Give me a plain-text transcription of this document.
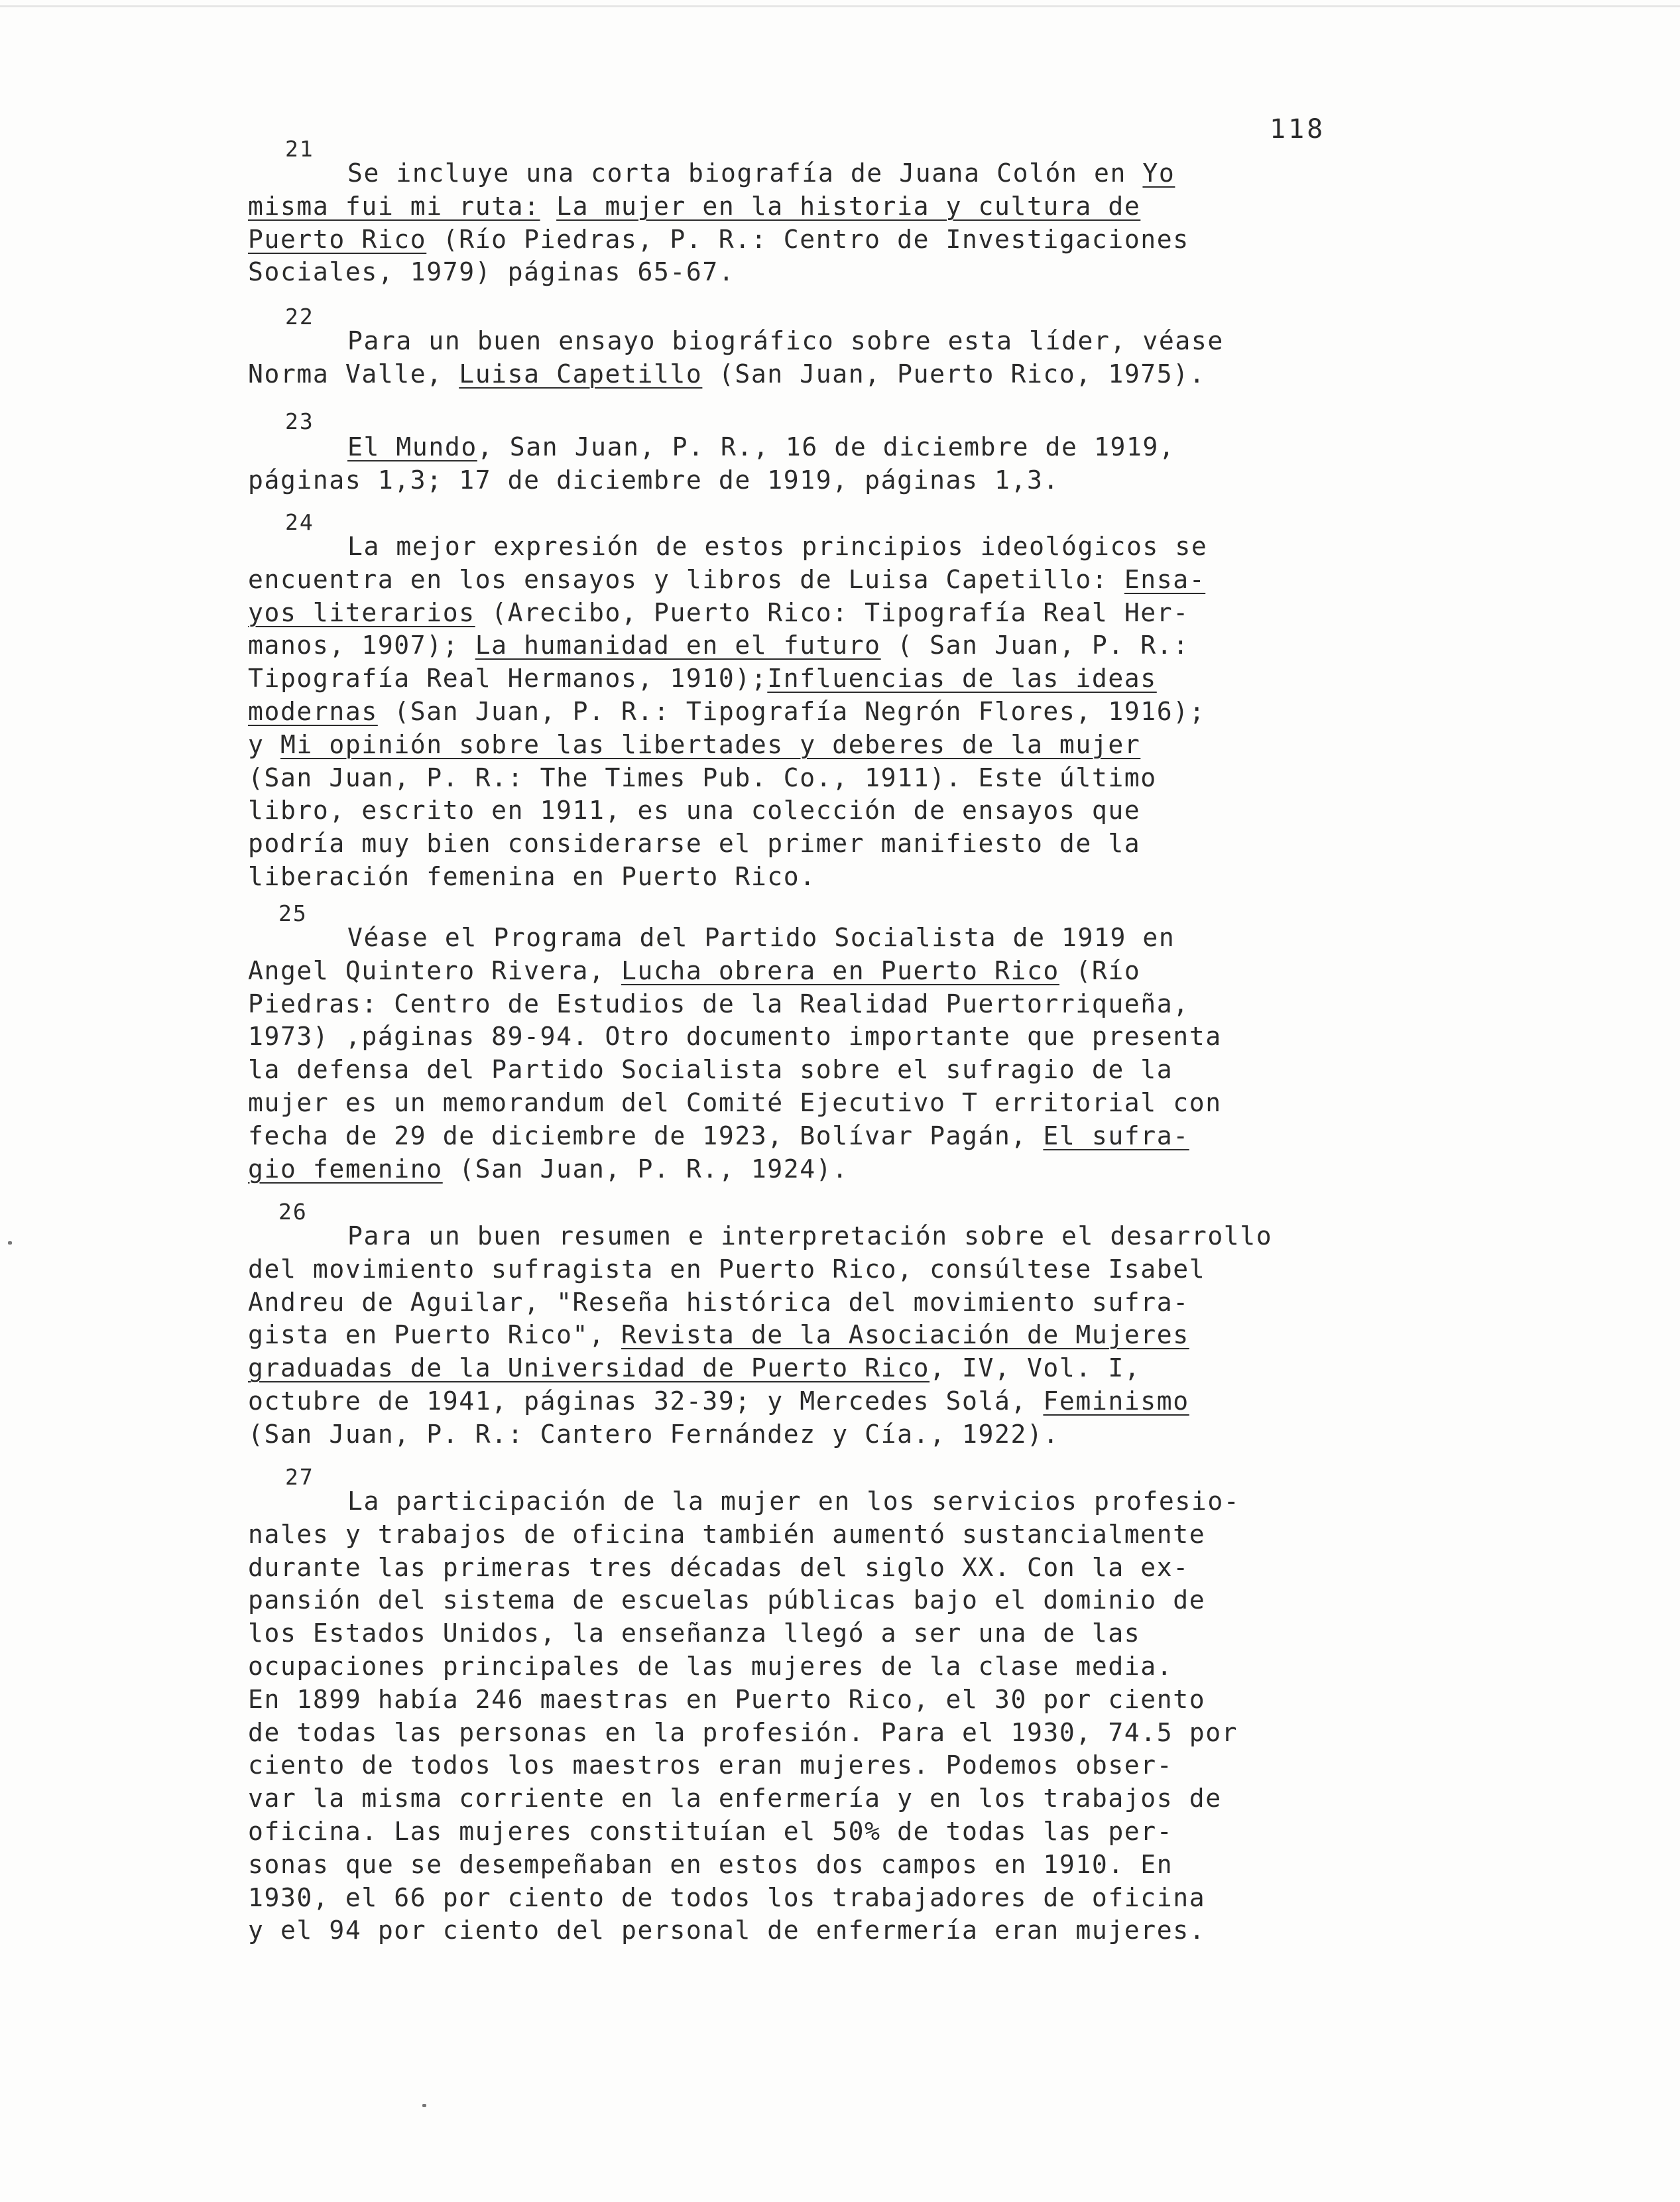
118
21
Se incluye una corta biografía de Juana Colón en Yo
misma fui mi ruta: La mujer en la historia y cultura de
Puerto Rico (Río Piedras, P. R.: Centro de Investigaciones
Sociales, 1979) páginas 65-67.
22
Para un buen ensayo biográfico sobre esta líder, véase
Norma Valle, Luisa Capetillo (San Juan, Puerto Rico, 1975).
23
El Mundo, San Juan, P. R., 16 de diciembre de 1919,
páginas 1,3; 17 de diciembre de 1919, páginas 1,3.
24
La mejor expresión de estos principios ideológicos se
encuentra en los ensayos y libros de Luisa Capetillo: Ensa-
yos literarios (Arecibo, Puerto Rico: Tipografía Real Her-
manos, 1907); La humanidad en el futuro ( San Juan, P. R.:
Tipografía Real Hermanos, 1910);Influencias de las ideas
modernas (San Juan, P. R.: Tipografía Negrón Flores, 1916);
y Mi opinión sobre las libertades y deberes de la mujer
(San Juan, P. R.: The Times Pub. Co., 1911). Este último
libro, escrito en 1911, es una colección de ensayos que
podría muy bien considerarse el primer manifiesto de la
liberación femenina en Puerto Rico.
25
Véase el Programa del Partido Socialista de 1919 en
Angel Quintero Rivera, Lucha obrera en Puerto Rico (Río
Piedras: Centro de Estudios de la Realidad Puertorriqueña,
1973) ,páginas 89-94. Otro documento importante que presenta
la defensa del Partido Socialista sobre el sufragio de la
mujer es un memorandum del Comité Ejecutivo T erritorial con
fecha de 29 de diciembre de 1923, Bolívar Pagán, El sufra-
gio femenino (San Juan, P. R., 1924).
26
Para un buen resumen e interpretación sobre el desarrollo
del movimiento sufragista en Puerto Rico, consúltese Isabel
Andreu de Aguilar, "Reseña histórica del movimiento sufra-
gista en Puerto Rico", Revista de la Asociación de Mujeres
graduadas de la Universidad de Puerto Rico, IV, Vol. I,
octubre de 1941, páginas 32-39; y Mercedes Solá, Feminismo
(San Juan, P. R.: Cantero Fernández y Cía., 1922).
27
La participación de la mujer en los servicios profesio-
nales y trabajos de oficina también aumentó sustancialmente
durante las primeras tres décadas del siglo XX. Con la ex-
pansión del sistema de escuelas públicas bajo el dominio de
los Estados Unidos, la enseñanza llegó a ser una de las
ocupaciones principales de las mujeres de la clase media.
En 1899 había 246 maestras en Puerto Rico, el 30 por ciento
de todas las personas en la profesión. Para el 1930, 74.5 por
ciento de todos los maestros eran mujeres. Podemos obser-
var la misma corriente en la enfermería y en los trabajos de
oficina. Las mujeres constituían el 50% de todas las per-
sonas que se desempeñaban en estos dos campos en 1910. En
1930, el 66 por ciento de todos los trabajadores de oficina
y el 94 por ciento del personal de enfermería eran mujeres.
